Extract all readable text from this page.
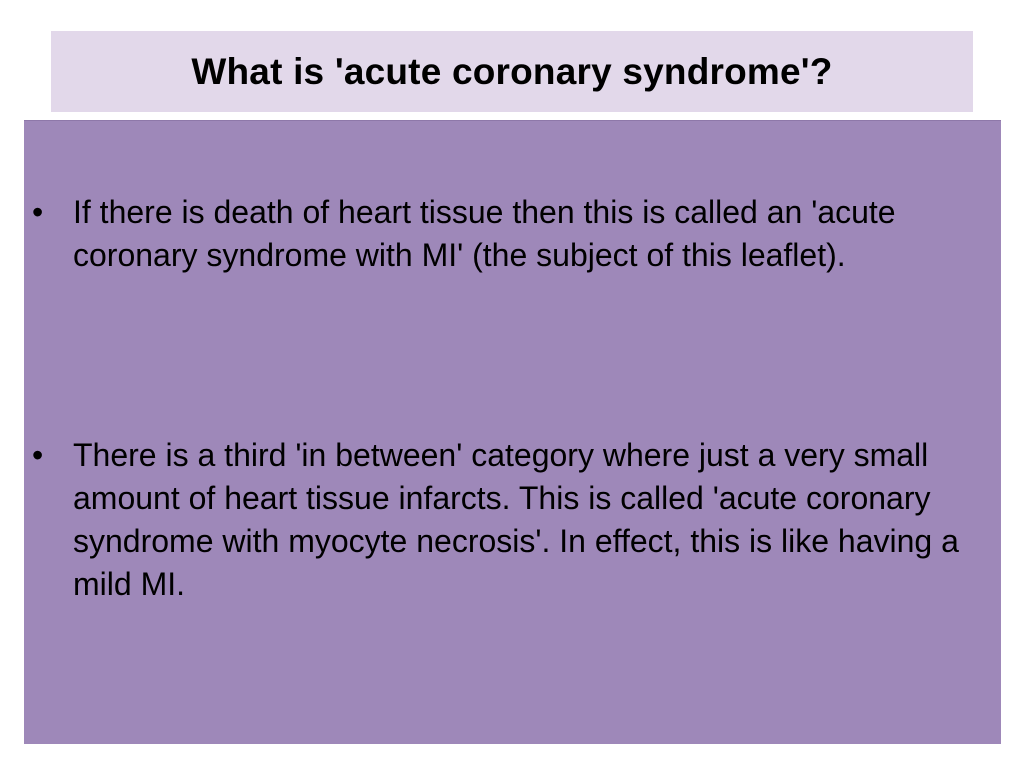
What is 'acute coronary syndrome'?
• If there is death of heart tissue then this is called an 'acute coronary syndrome with MI' (the subject of this leaflet).
• There is a third 'in between' category where just a very small amount of heart tissue infarcts. This is called 'acute coronary syndrome with myocyte necrosis'. In effect, this is like having a mild MI.
